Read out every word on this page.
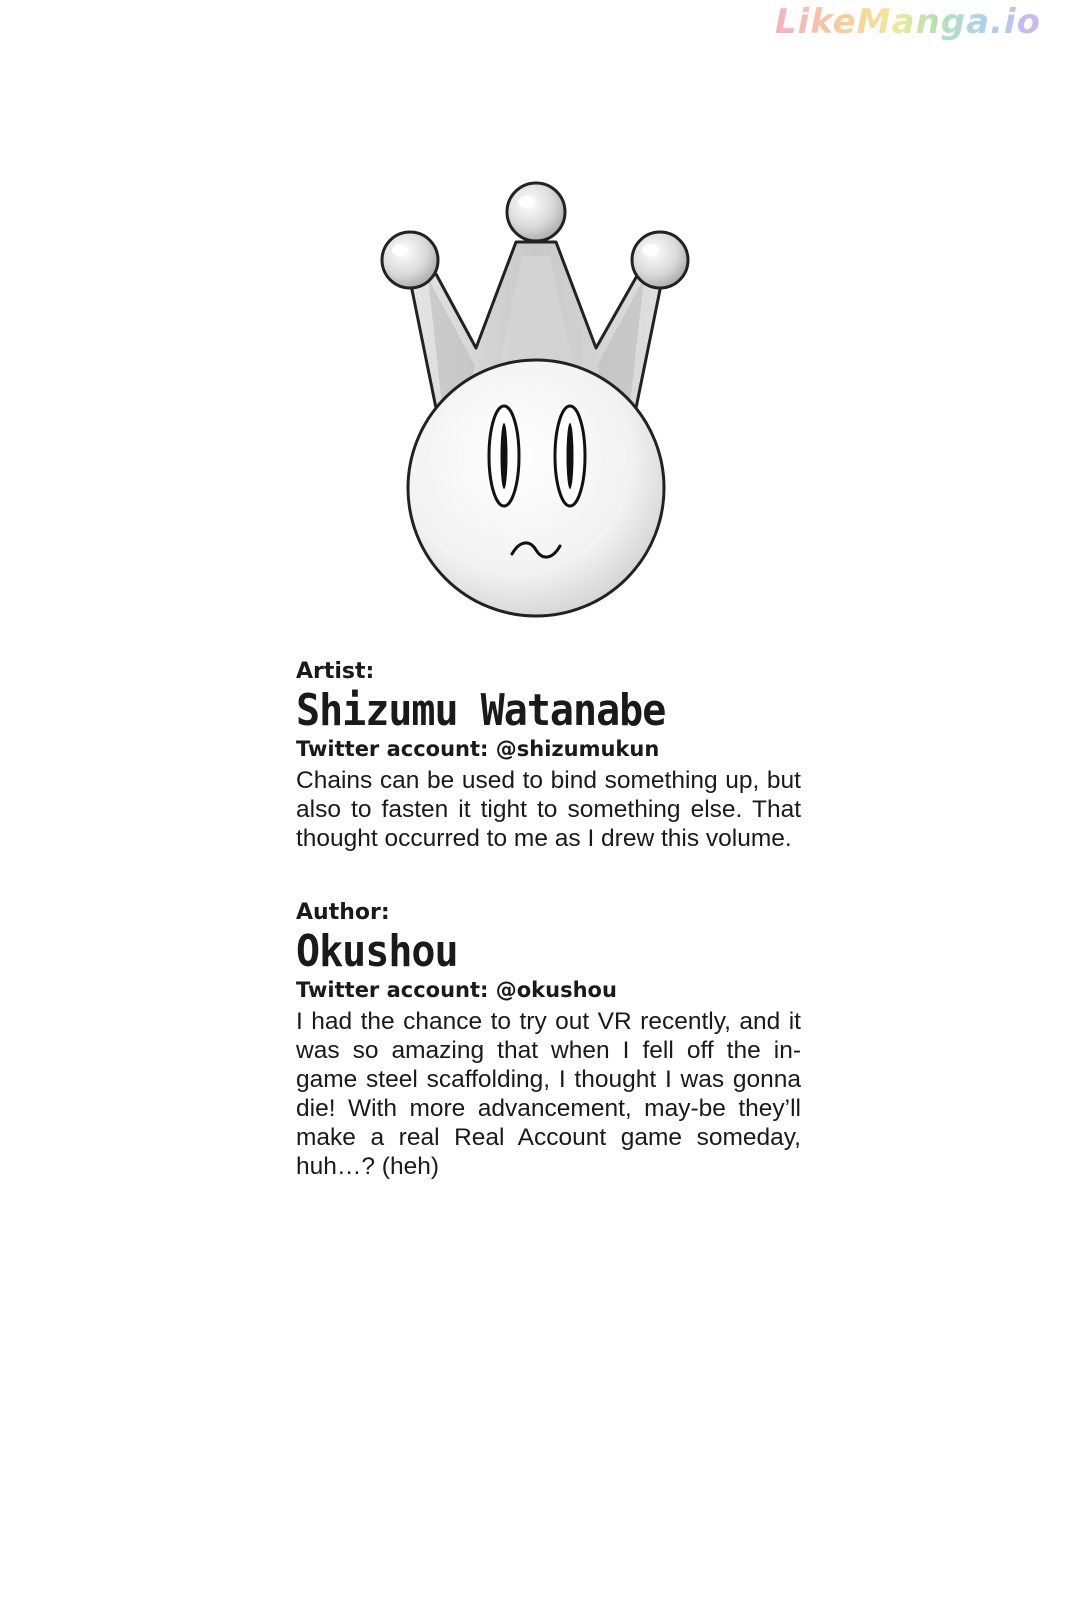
LikeManga.io

Artist:

Shizumu Watanabe

Twitter account: @shizumukun

Chains can be used to bind something up, but also to fasten it tight to something else. That thought occurred to me as I drew this volume.

Author:

Okushou

Twitter account: @okushou

I had the chance to try out VR recently, and it was so amazing that when I fell off the in-game steel scaffolding, I thought I was gonna die! With more advancement, may-be they’ll make a real Real Account game someday, huh…? (heh)
